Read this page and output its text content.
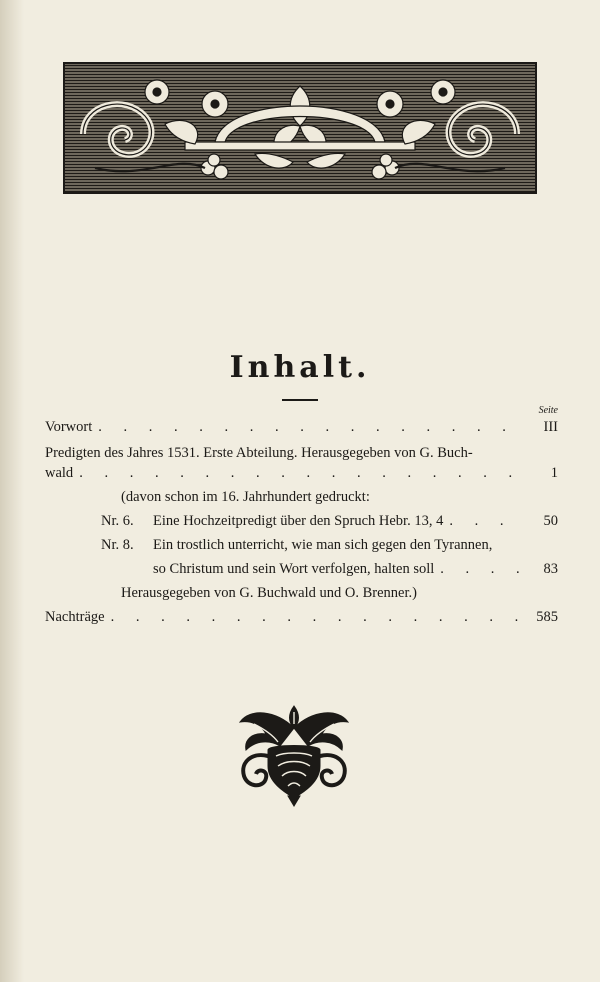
Inhalt.
Seite
Vorwort . . .	III
Predigten des Jahres 1531. Erste Abteilung. Herausgegeben von G. Buch-
wald . . .	1
(davon schon im 16. Jahrhundert gedruckt:
Nr. 6.	Eine Hochzeitpredigt über den Spruch Hebr. 13, 4 . . .	50
Nr. 8. Ein trostlich unterricht, wie man sich gegen den Tyrannen,
so Christum und sein Wort verfolgen, halten soll . . .	83
Herausgegeben von G. Buchwald und O. Brenner.)
Nachträge . . .	585
